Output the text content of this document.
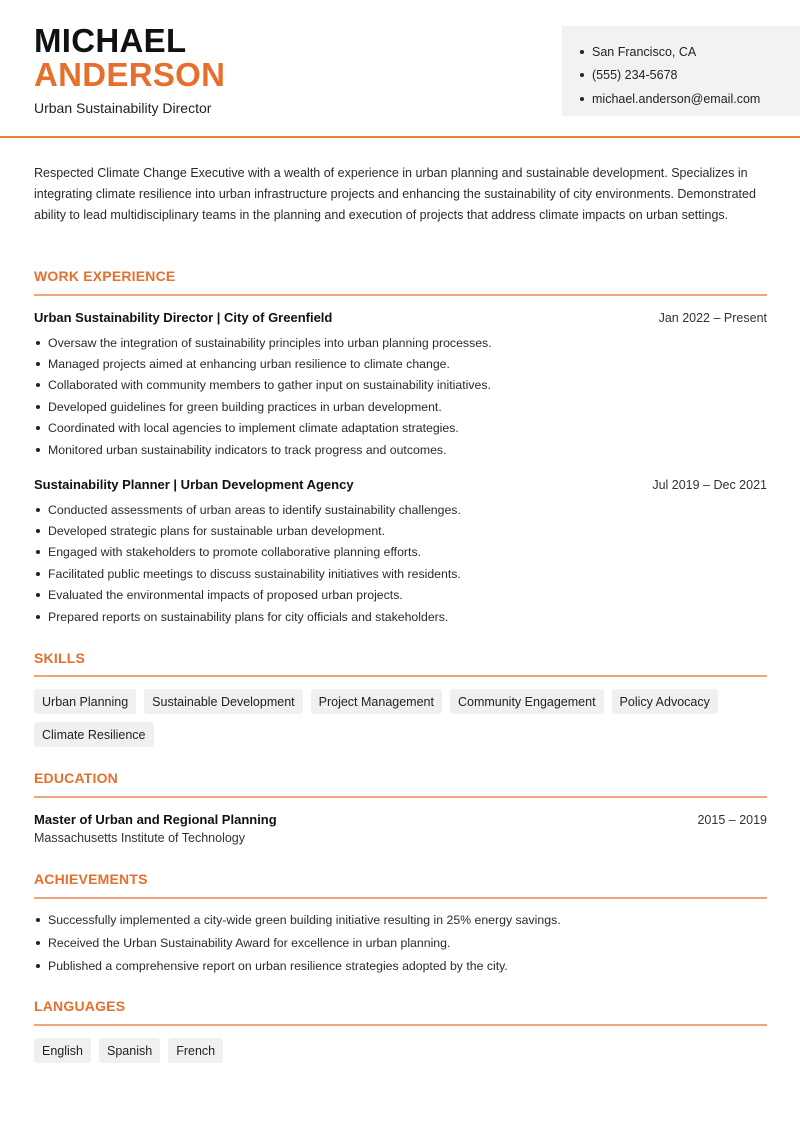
MICHAEL
ANDERSON
Urban Sustainability Director
San Francisco, CA
(555) 234-5678
michael.anderson@email.com

Respected Climate Change Executive with a wealth of experience in urban planning and sustainable development. Specializes in integrating climate resilience into urban infrastructure projects and enhancing the sustainability of city environments. Demonstrated ability to lead multidisciplinary teams in the planning and execution of projects that address climate impacts on urban settings.

WORK EXPERIENCE
Urban Sustainability Director | City of Greenfield	Jan 2022 – Present
Oversaw the integration of sustainability principles into urban planning processes.
Managed projects aimed at enhancing urban resilience to climate change.
Collaborated with community members to gather input on sustainability initiatives.
Developed guidelines for green building practices in urban development.
Coordinated with local agencies to implement climate adaptation strategies.
Monitored urban sustainability indicators to track progress and outcomes.
Sustainability Planner | Urban Development Agency	Jul 2019 – Dec 2021
Conducted assessments of urban areas to identify sustainability challenges.
Developed strategic plans for sustainable urban development.
Engaged with stakeholders to promote collaborative planning efforts.
Facilitated public meetings to discuss sustainability initiatives with residents.
Evaluated the environmental impacts of proposed urban projects.
Prepared reports on sustainability plans for city officials and stakeholders.
SKILLS
Urban Planning	Sustainable Development	Project Management	Community Engagement	Policy Advocacy
Climate Resilience
EDUCATION
Master of Urban and Regional Planning	2015 – 2019
Massachusetts Institute of Technology
ACHIEVEMENTS
Successfully implemented a city-wide green building initiative resulting in 25% energy savings.
Received the Urban Sustainability Award for excellence in urban planning.
Published a comprehensive report on urban resilience strategies adopted by the city.
LANGUAGES
English	Spanish	French
